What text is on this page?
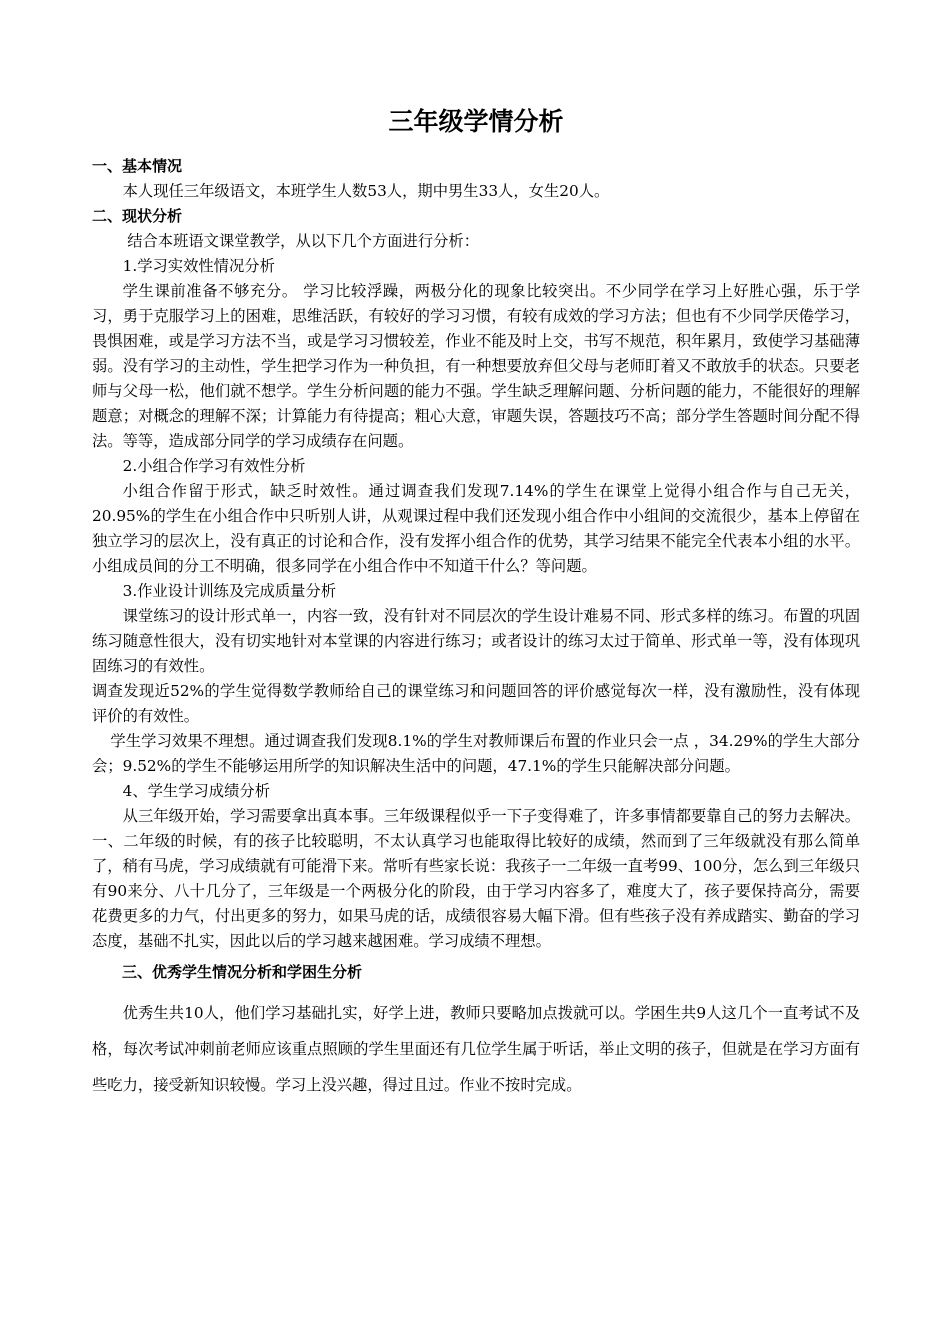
三年级学情分析
一、基本情况

本人现任三年级语文，本班学生人数53人，期中男生33人，女生20人。

二、现状分析

结合本班语文课堂教学，从以下几个方面进行分析：

1.学习实效性情况分析

学生课前准备不够充分。 学习比较浮躁，两极分化的现象比较突出。不少同学在学习上好胜心强，乐于学习，勇于克服学习上的困难，思维活跃，有较好的学习习惯，有较有成效的学习方法；但也有不少同学厌倦学习，畏惧困难，或是学习方法不当，或是学习习惯较差，作业不能及时上交，书写不规范，积年累月，致使学习基础薄弱。没有学习的主动性，学生把学习作为一种负担，有一种想要放弃但父母与老师盯着又不敢放手的状态。只要老师与父母一松，他们就不想学。学生分析问题的能力不强。学生缺乏理解问题、分析问题的能力，不能很好的理解题意；对概念的理解不深；计算能力有待提高；粗心大意，审题失误，答题技巧不高；部分学生答题时间分配不得法。等等，造成部分同学的学习成绩存在问题。

2.小组合作学习有效性分析

小组合作留于形式，缺乏时效性。通过调查我们发现7.14%的学生在课堂上觉得小组合作与自己无关，20.95%的学生在小组合作中只听别人讲，从观课过程中我们还发现小组合作中小组间的交流很少，基本上停留在独立学习的层次上，没有真正的讨论和合作，没有发挥小组合作的优势，其学习结果不能完全代表本小组的水平。小组成员间的分工不明确，很多同学在小组合作中不知道干什么？等问题。

3.作业设计训练及完成质量分析

课堂练习的设计形式单一，内容一致，没有针对不同层次的学生设计难易不同、形式多样的练习。布置的巩固练习随意性很大，没有切实地针对本堂课的内容进行练习；或者设计的练习太过于简单、形式单一等，没有体现巩固练习的有效性。

调查发现近52%的学生觉得数学教师给自己的课堂练习和问题回答的评价感觉每次一样，没有激励性，没有体现评价的有效性。

学生学习效果不理想。通过调查我们发现8.1%的学生对教师课后布置的作业只会一点 ，34.29%的学生大部分会；9.52%的学生不能够运用所学的知识解决生活中的问题，47.1%的学生只能解决部分问题。

4、学生学习成绩分析

从三年级开始，学习需要拿出真本事。三年级课程似乎一下子变得难了，许多事情都要靠自己的努力去解决。一、二年级的时候，有的孩子比较聪明，不太认真学习也能取得比较好的成绩，然而到了三年级就没有那么简单了，稍有马虎，学习成绩就有可能滑下来。常听有些家长说：我孩子一二年级一直考99、100分，怎么到三年级只有90来分、八十几分了，三年级是一个两极分化的阶段，由于学习内容多了，难度大了，孩子要保持高分，需要花费更多的力气，付出更多的努力，如果马虎的话，成绩很容易大幅下滑。但有些孩子没有养成踏实、勤奋的学习态度，基础不扎实，因此以后的学习越来越困难。学习成绩不理想。

三、优秀学生情况分析和学困生分析

优秀生共10人，他们学习基础扎实，好学上进，教师只要略加点拨就可以。学困生共9人这几个一直考试不及格，每次考试冲刺前老师应该重点照顾的学生里面还有几位学生属于听话，举止文明的孩子，但就是在学习方面有些吃力，接受新知识较慢。学习上没兴趣，得过且过。作业不按时完成。
